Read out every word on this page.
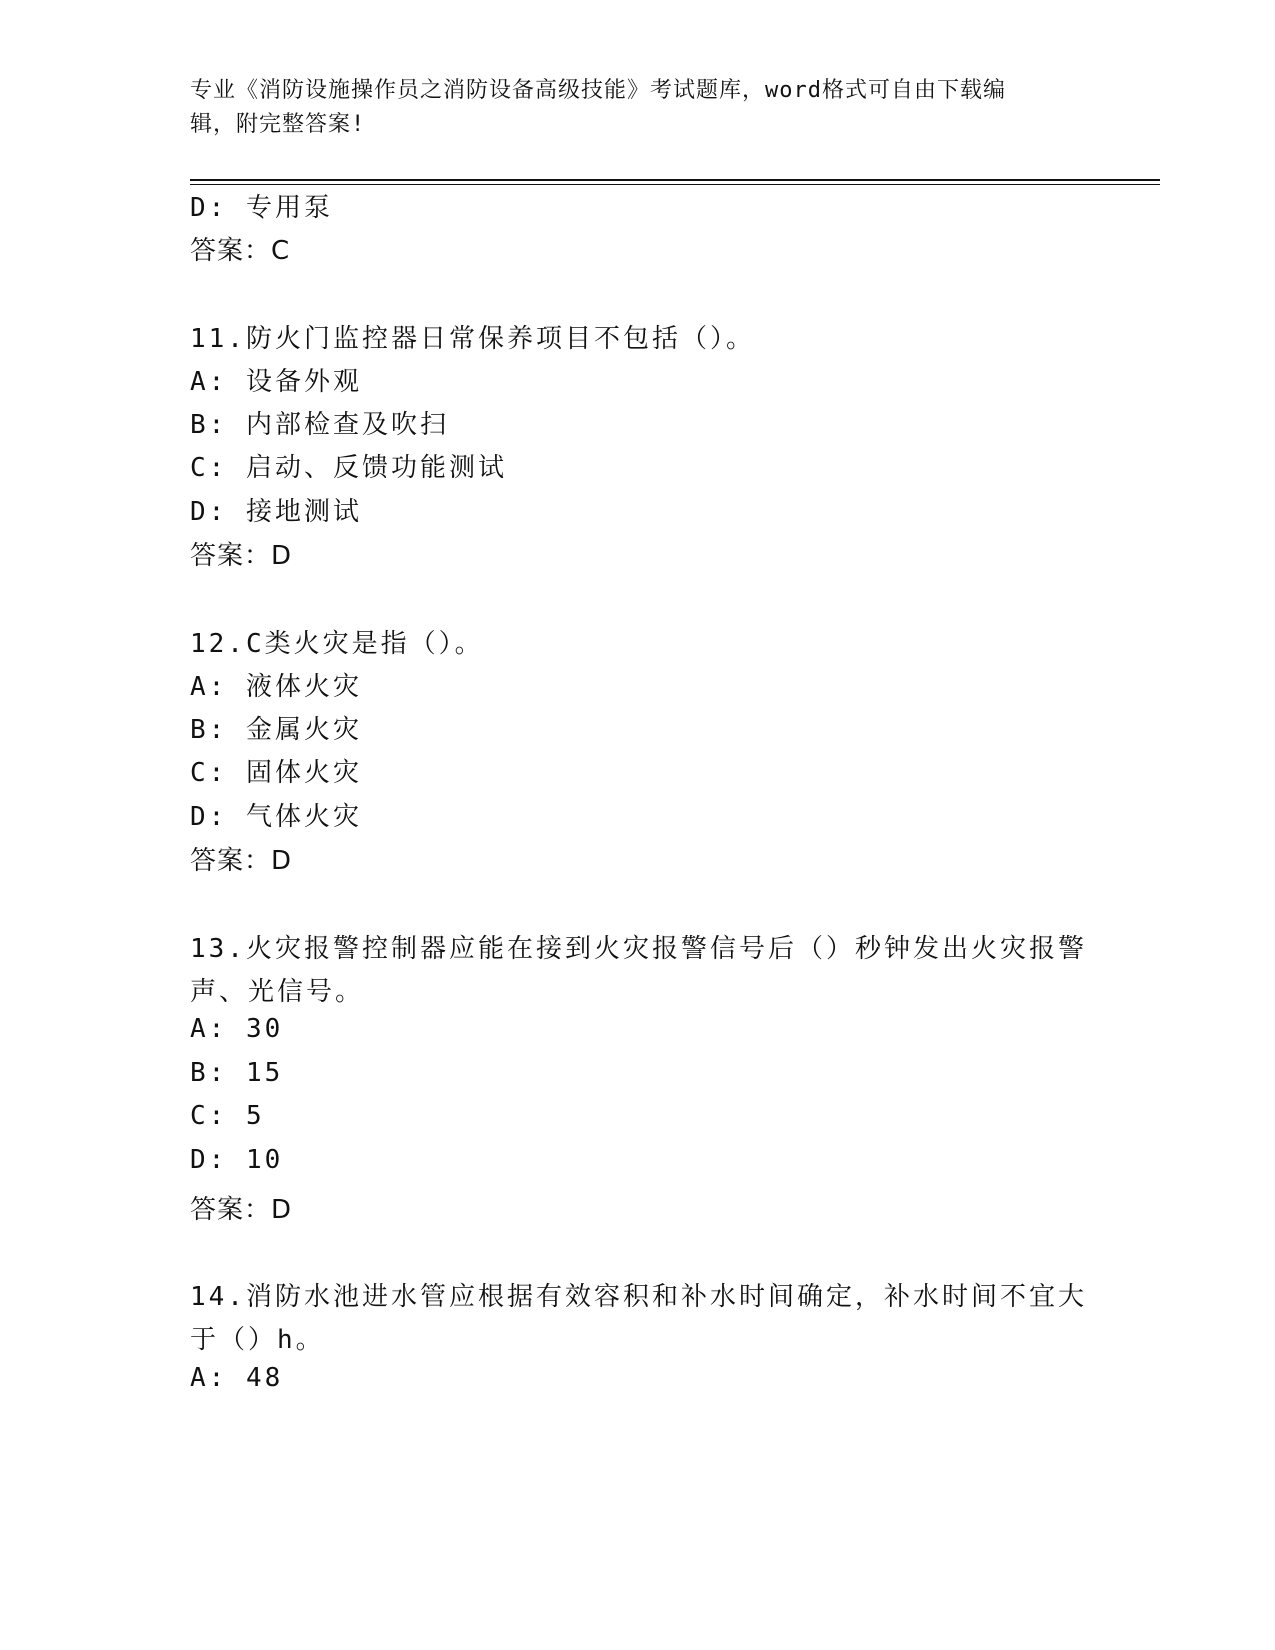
专业《消防设施操作员之消防设备高级技能》考试题库，word格式可自由下载编
辑，附完整答案!
D: 专用泵
答案：C
11.防火门监控器日常保养项目不包括（）。
A: 设备外观
B: 内部检查及吹扫
C: 启动、反馈功能测试
D: 接地测试
答案：D
12.C类火灾是指（）。
A: 液体火灾
B: 金属火灾
C: 固体火灾
D: 气体火灾
答案：D
13.火灾报警控制器应能在接到火灾报警信号后（）秒钟发出火灾报警
声、光信号。
A: 30
B: 15
C: 5
D: 10
答案：D
14.消防水池进水管应根据有效容积和补水时间确定，补水时间不宜大
于（）h。
A: 48
